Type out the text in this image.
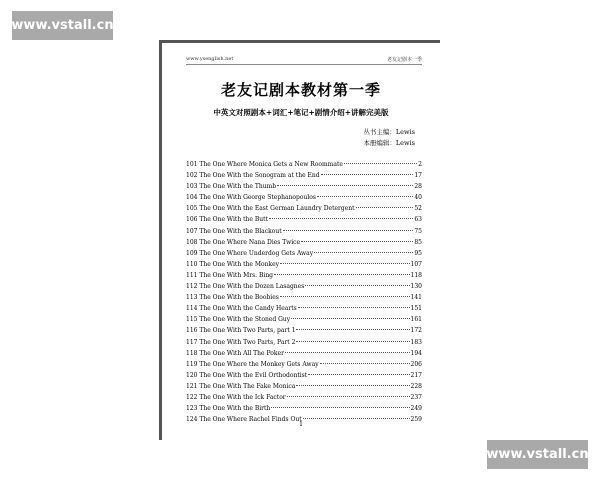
www.vstall.cn
www.ysenglish.net	老友记剧本一季
老友记剧本教材第一季
中英文对照剧本+词汇+笔记+剧情介绍+讲解完美版
丛书主编：Lewis
本册编辑：Lewis
101 The One Where Monica Gets a New Roommate	2
102 The One With the Sonogram at the End	17
103 The One With the Thumb	28
104 The One With George Stephanopoulos	40
105 The One With the East German Laundry Detergent	52
106 The One With the Butt	63
107 The One With the Blackout	75
108 The One Where Nana Dies Twice	85
109 The One Where Underdog Gets Away	95
110 The One With the Monkey	107
111 The One With Mrs. Bing	118
112 The One With the Dozen Lasagnes	130
113 The One With the Boobies	141
114 The One With the Candy Hearts	151
115 The One With the Stoned Guy	161
116 The One With Two Parts, part 1	172
117 The One With Two Parts, Part 2	183
118 The One With All The Poker	194
119 The One Where the Monkey Gets Away	206
120 The One With the Evil Orthodontist	217
121 The One With The Fake Monica	228
122 The One With the Ick Factor	237
123 The One With the Birth	249
124 The One Where Rachel Finds Out	259
1
www.vstall.cn
